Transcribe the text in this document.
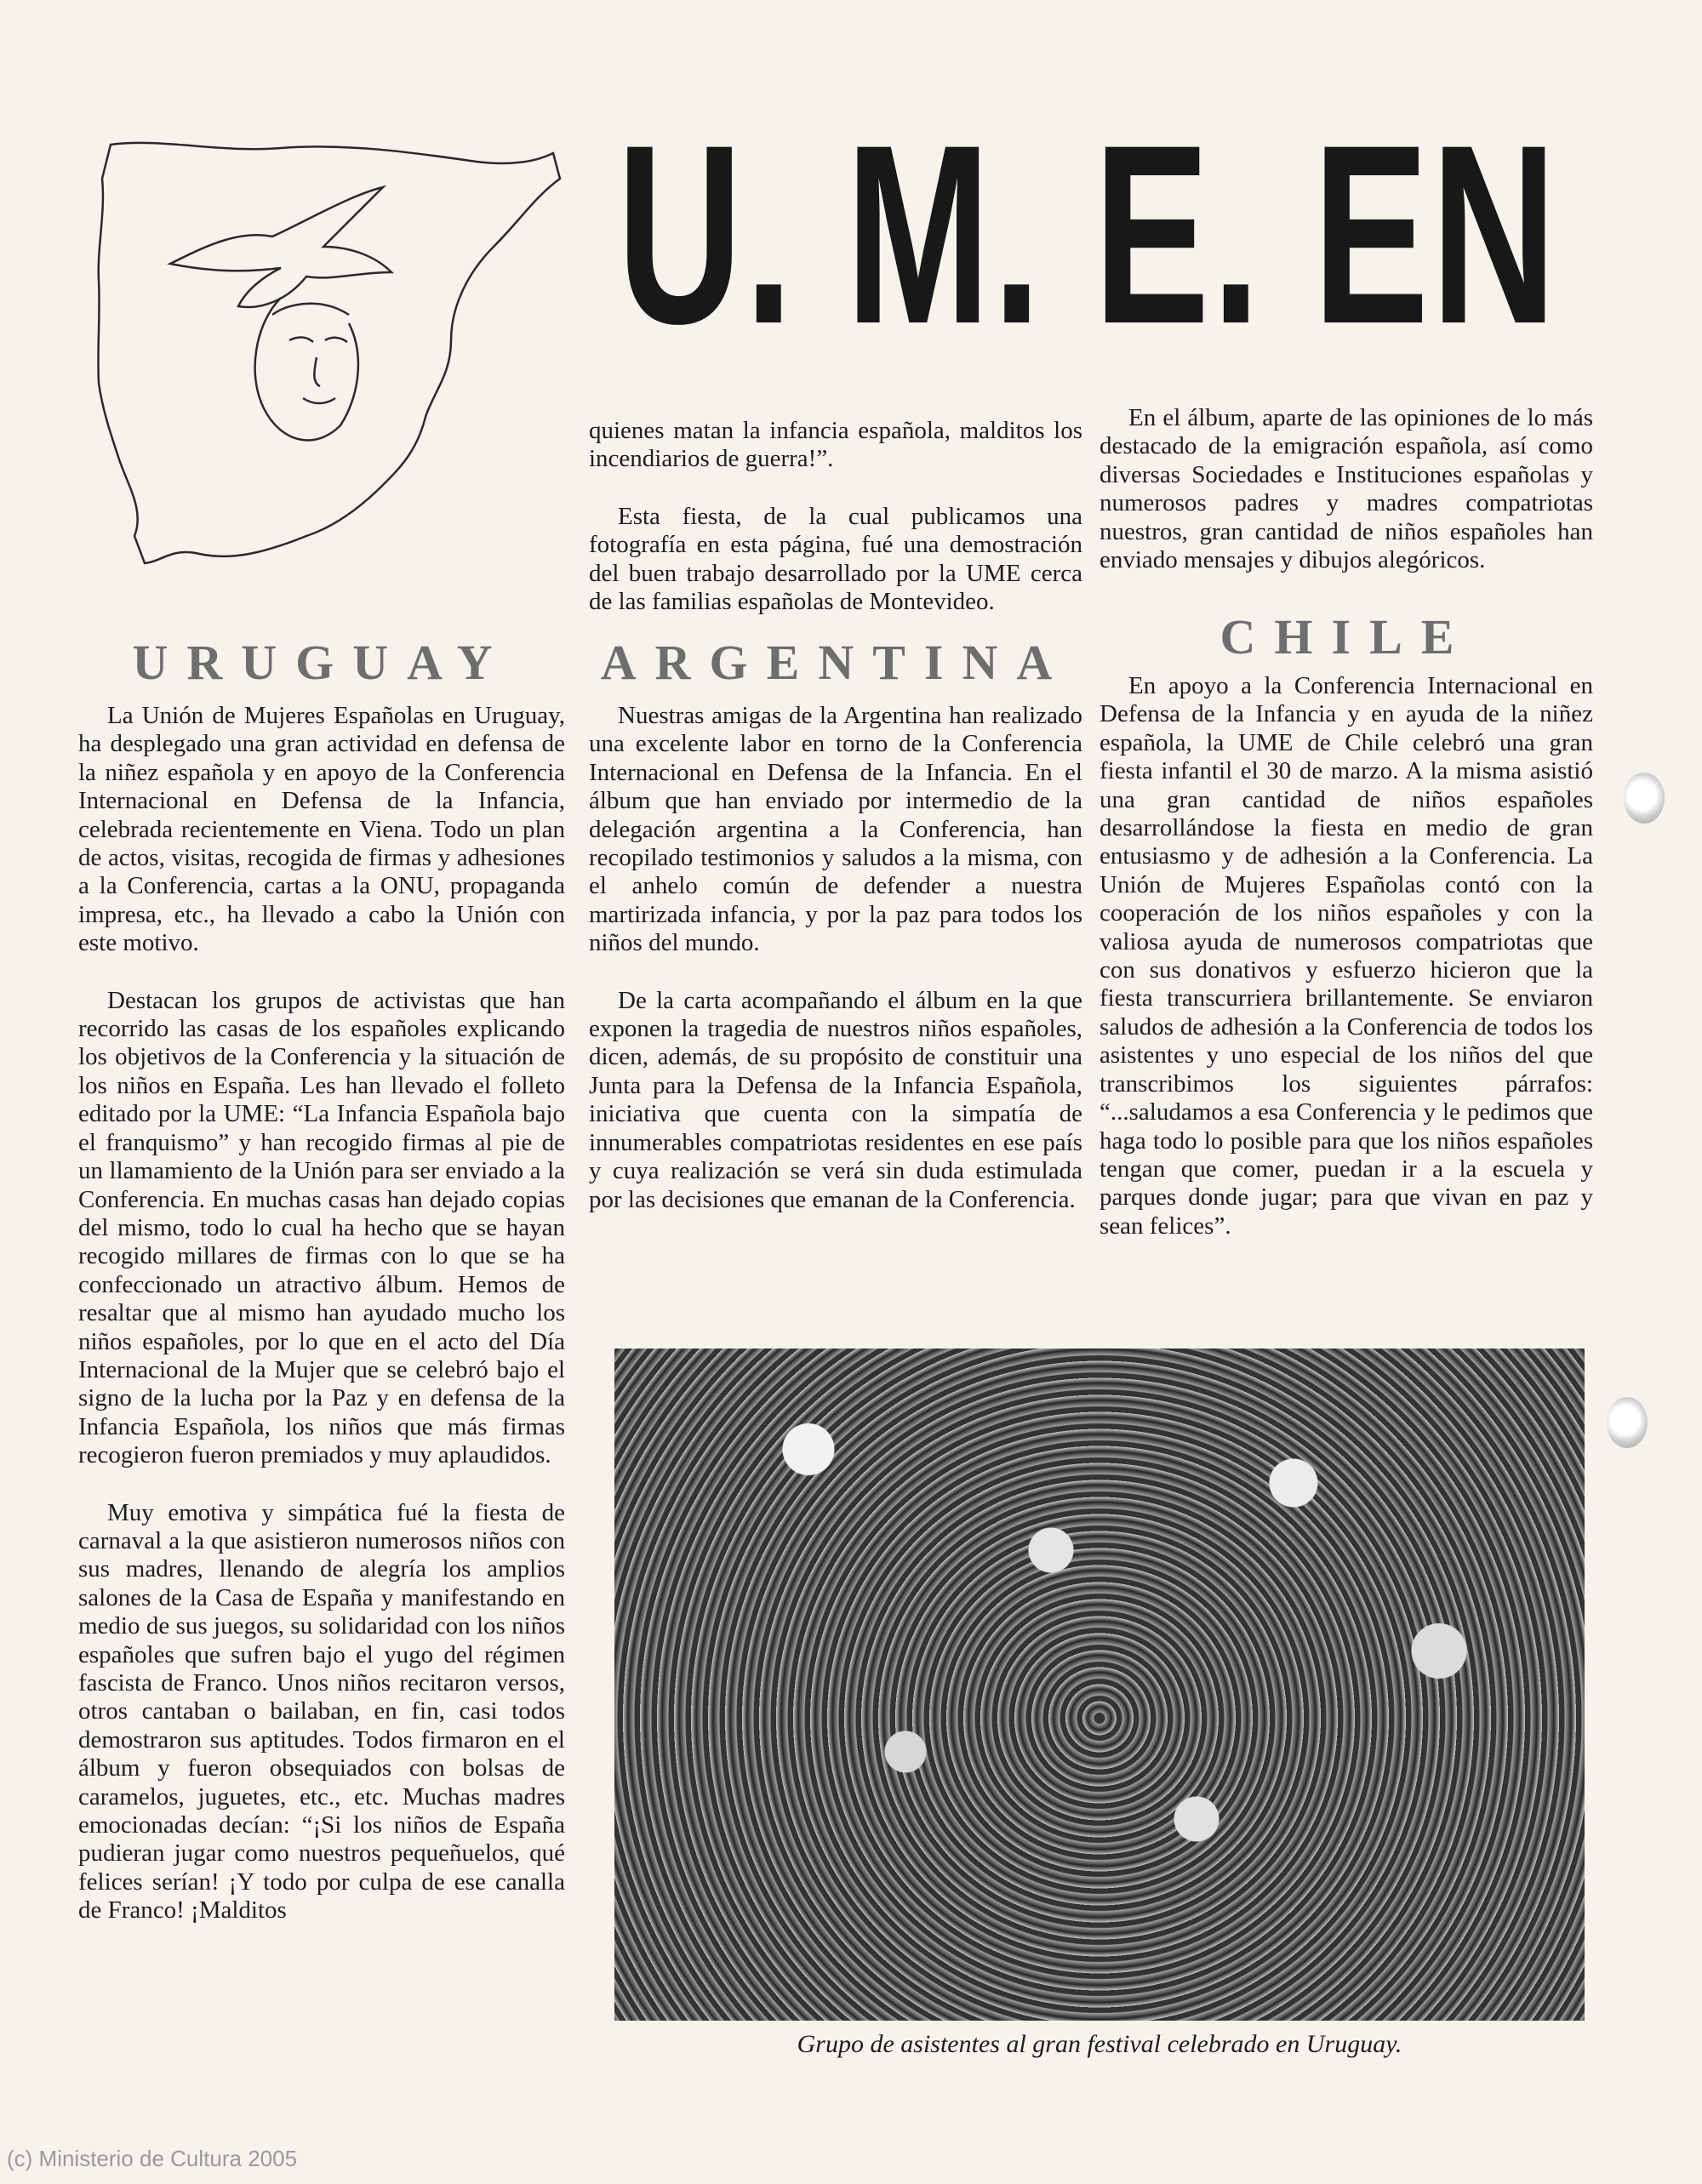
U. M. E. EN

quienes matan la infancia española, malditos los incendiarios de guerra!”.

Esta fiesta, de la cual publicamos una fotografía en esta página, fué una demostración del buen trabajo desarrollado por la UME cerca de las familias españolas de Montevideo.

En el álbum, aparte de las opiniones de lo más destacado de la emigración española, así como diversas Sociedades e Instituciones españolas y numerosos padres y madres compatriotas nuestros, gran cantidad de niños españoles han enviado mensajes y dibujos alegóricos.

URUGUAY	ARGENTINA	CHILE

La Unión de Mujeres Españolas en Uruguay, ha desplegado una gran actividad en defensa de la niñez española y en apoyo de la Conferencia Internacional en Defensa de la Infancia, celebrada recientemente en Viena. Todo un plan de actos, visitas, recogida de firmas y adhesiones a la Conferencia, cartas a la ONU, propaganda impresa, etc., ha llevado a cabo la Unión con este motivo.

Destacan los grupos de activistas que han recorrido las casas de los españoles explicando los objetivos de la Conferencia y la situación de los niños en España. Les han llevado el folleto editado por la UME: “La Infancia Española bajo el franquismo” y han recogido firmas al pie de un llamamiento de la Unión para ser enviado a la Conferencia. En muchas casas han dejado copias del mismo, todo lo cual ha hecho que se hayan recogido millares de firmas con lo que se ha confeccionado un atractivo álbum. Hemos de resaltar que al mismo han ayudado mucho los niños españoles, por lo que en el acto del Día Internacional de la Mujer que se celebró bajo el signo de la lucha por la Paz y en defensa de la Infancia Española, los niños que más firmas recogieron fueron premiados y muy aplaudidos.

Muy emotiva y simpática fué la fiesta de carnaval a la que asistieron numerosos niños con sus madres, llenando de alegría los amplios salones de la Casa de España y manifestando en medio de sus juegos, su solidaridad con los niños españoles que sufren bajo el yugo del régimen fascista de Franco. Unos niños recitaron versos, otros cantaban o bailaban, en fin, casi todos demostraron sus aptitudes. Todos firmaron en el álbum y fueron obsequiados con bolsas de caramelos, juguetes, etc., etc. Muchas madres emocionadas decían: “¡Si los niños de España pudieran jugar como nuestros pequeñuelos, qué felices serían! ¡Y todo por culpa de ese canalla de Franco! ¡Malditos

Nuestras amigas de la Argentina han realizado una excelente labor en torno de la Conferencia Internacional en Defensa de la Infancia. En el álbum que han enviado por intermedio de la delegación argentina a la Conferencia, han recopilado testimonios y saludos a la misma, con el anhelo común de defender a nuestra martirizada infancia, y por la paz para todos los niños del mundo.

De la carta acompañando el álbum en la que exponen la tragedia de nuestros niños españoles, dicen, además, de su propósito de constituir una Junta para la Defensa de la Infancia Española, iniciativa que cuenta con la simpatía de innumerables compatriotas residentes en ese país y cuya realización se verá sin duda estimulada por las decisiones que emanan de la Conferencia.

En apoyo a la Conferencia Internacional en Defensa de la Infancia y en ayuda de la niñez española, la UME de Chile celebró una gran fiesta infantil el 30 de marzo. A la misma asistió una gran cantidad de niños españoles desarrollándose la fiesta en medio de gran entusiasmo y de adhesión a la Conferencia. La Unión de Mujeres Españolas contó con la cooperación de los niños españoles y con la valiosa ayuda de numerosos compatriotas que con sus donativos y esfuerzo hicieron que la fiesta transcurriera brillantemente. Se enviaron saludos de adhesión a la Conferencia de todos los asistentes y uno especial de los niños del que transcribimos los siguientes párrafos: “...saludamos a esa Conferencia y le pedimos que haga todo lo posible para que los niños españoles tengan que comer, puedan ir a la escuela y parques donde jugar; para que vivan en paz y sean felices”.

Grupo de asistentes al gran festival celebrado en Uruguay.
(c) Ministerio de Cultura 2005
